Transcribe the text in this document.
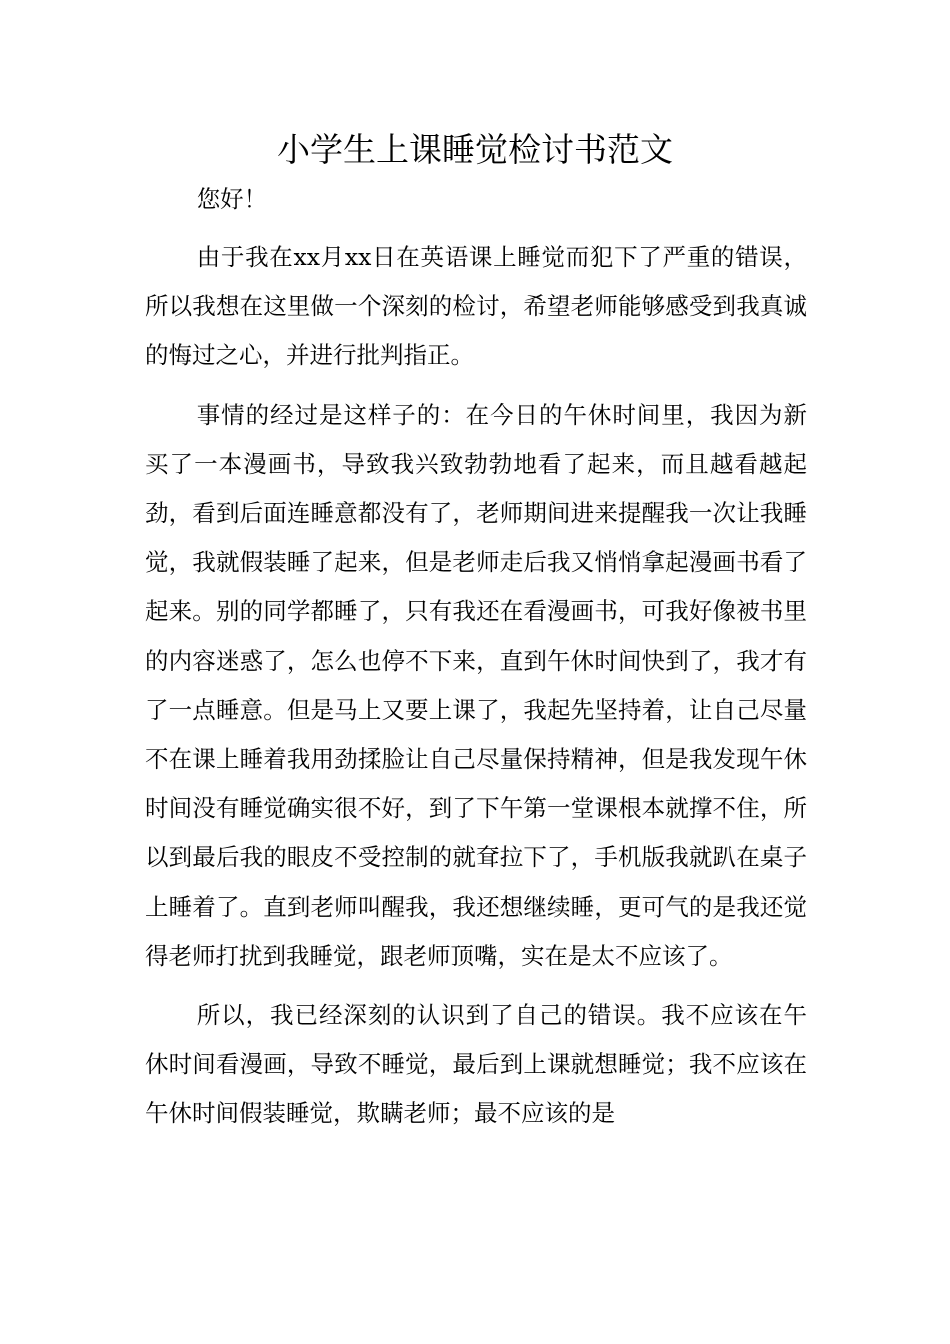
小学生上课睡觉检讨书范文

您好！

由于我在xx月xx日在英语课上睡觉而犯下了严重的错误，所以我想在这里做一个深刻的检讨，希望老师能够感受到我真诚的悔过之心，并进行批判指正。

事情的经过是这样子的：在今日的午休时间里，我因为新买了一本漫画书，导致我兴致勃勃地看了起来，而且越看越起劲，看到后面连睡意都没有了，老师期间进来提醒我一次让我睡觉，我就假装睡了起来，但是老师走后我又悄悄拿起漫画书看了起来。别的同学都睡了，只有我还在看漫画书，可我好像被书里的内容迷惑了，怎么也停不下来，直到午休时间快到了，我才有了一点睡意。但是马上又要上课了，我起先坚持着，让自己尽量不在课上睡着我用劲揉脸让自己尽量保持精神，但是我发现午休时间没有睡觉确实很不好，到了下午第一堂课根本就撑不住，所以到最后我的眼皮不受控制的就耷拉下了，手机版我就趴在桌子上睡着了。直到老师叫醒我，我还想继续睡，更可气的是我还觉得老师打扰到我睡觉，跟老师顶嘴，实在是太不应该了。

所以，我已经深刻的认识到了自己的错误。我不应该在午休时间看漫画，导致不睡觉，最后到上课就想睡觉；我不应该在午休时间假装睡觉，欺瞒老师；最不应该的是
